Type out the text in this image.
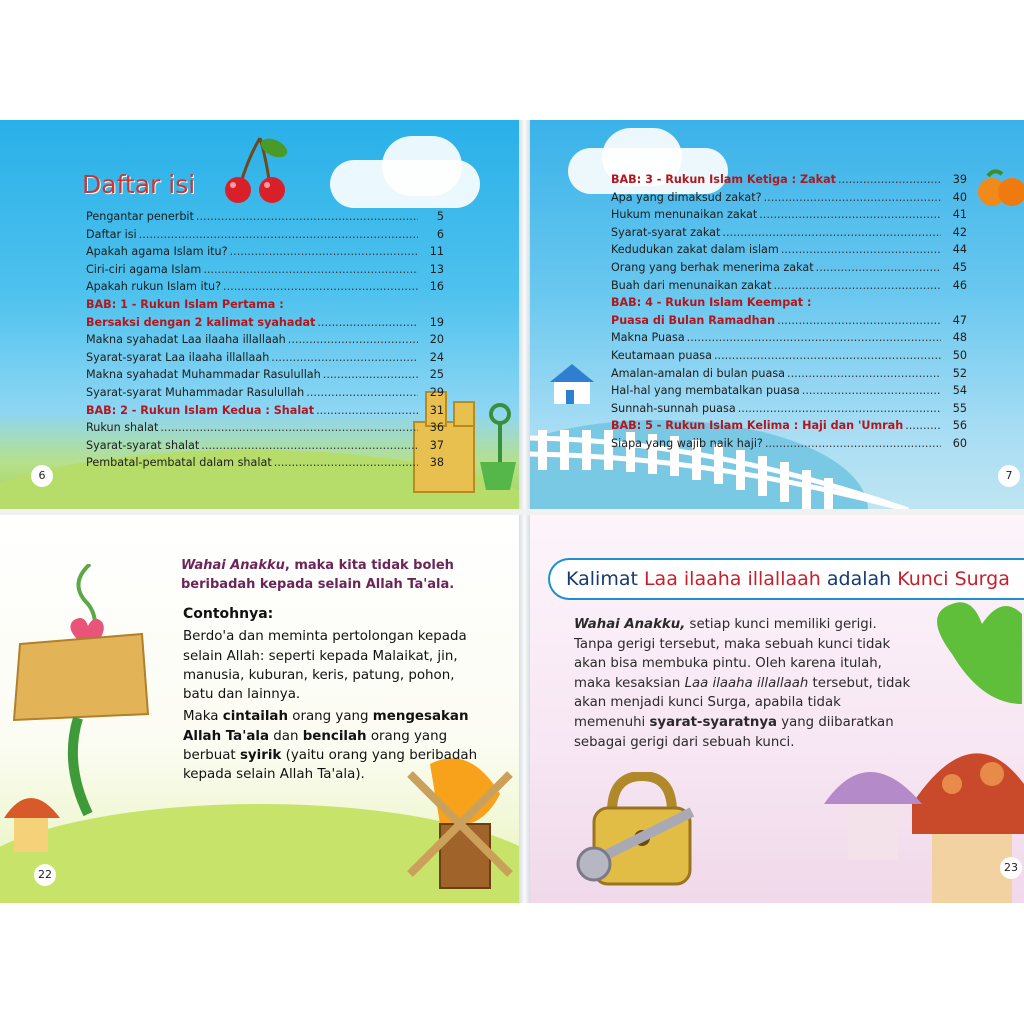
Daftar isi
Pengantar penerbit .....	5
Daftar isi .....	6
Apakah agama Islam itu? .....	11
Ciri-ciri agama Islam .....	13
Apakah rukun Islam itu? .....	16
BAB: 1 - Rukun Islam Pertama :
Bersaksi dengan 2 kalimat syahadat .....	19
Makna syahadat Laa ilaaha illallaah .....	20
Syarat-syarat Laa ilaaha illallaah .....	24
Makna syahadat Muhammadar Rasulullah .....	25
Syarat-syarat Muhammadar Rasulullah .....	29
BAB: 2 - Rukun Islam Kedua : Shalat .....	31
Rukun shalat .....	36
Syarat-syarat shalat .....	37
Pembatal-pembatal dalam shalat .....	38
BAB: 3 - Rukun Islam Ketiga : Zakat .....	39
Apa yang dimaksud zakat? .....	40
Hukum menunaikan zakat .....	41
Syarat-syarat zakat .....	42
Kedudukan zakat dalam islam .....	44
Orang yang berhak menerima zakat .....	45
Buah dari menunaikan zakat .....	46
BAB: 4 - Rukun Islam Keempat :
Puasa di Bulan Ramadhan .....	47
Makna Puasa .....	48
Keutamaan puasa .....	50
Amalan-amalan di bulan puasa .....	52
Hal-hal yang membatalkan puasa .....	54
Sunnah-sunnah puasa .....	55
BAB: 5 - Rukun Islam Kelima : Haji dan 'Umrah .....	56
Siapa yang wajib naik haji? .....	60
6	7
22
23
Wahai Anakku, maka kita tidak boleh beribadah kepada selain Allah Ta'ala.

Contohnya:

Berdo'a dan meminta pertolongan kepada selain Allah: seperti kepada Malaikat, jin, manusia, kuburan, keris, patung, pohon, batu dan lainnya.

Maka cintailah orang yang mengesakan Allah Ta'ala dan bencilah orang yang berbuat syirik (yaitu orang yang beribadah kepada selain Allah Ta'ala).

Kalimat Laa ilaaha illallaah adalah Kunci Surga
Wahai Anakku, setiap kunci memiliki gerigi. Tanpa gerigi tersebut, maka sebuah kunci tidak akan bisa membuka pintu. Oleh karena itulah, maka kesaksian Laa ilaaha illallaah tersebut, tidak akan menjadi kunci Surga, apabila tidak memenuhi syarat-syaratnya yang diibaratkan sebagai gerigi dari sebuah kunci.
